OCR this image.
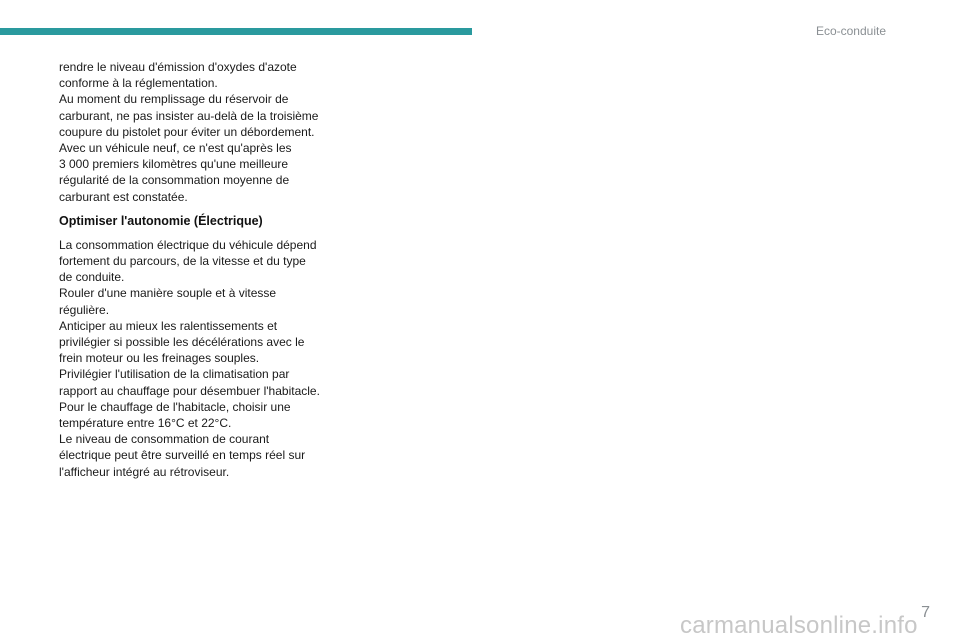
Eco-conduite

rendre le niveau d'émission d'oxydes d'azote

conforme à la réglementation.

Au moment du remplissage du réservoir de

carburant, ne pas insister au-delà de la troisième

coupure du pistolet pour éviter un débordement.

Avec un véhicule neuf, ce n'est qu'après les

3 000 premiers kilomètres qu'une meilleure

régularité de la consommation moyenne de

carburant est constatée.

Optimiser l'autonomie (Électrique)

La consommation électrique du véhicule dépend

fortement du parcours, de la vitesse et du type

de conduite.

Rouler d'une manière souple et à vitesse

régulière.

Anticiper au mieux les ralentissements et

privilégier si possible les décélérations avec le

frein moteur ou les freinages souples.

Privilégier l'utilisation de la climatisation par

rapport au chauffage pour désembuer l'habitacle.

Pour le chauffage de l'habitacle, choisir une

température entre 16°C et 22°C.

Le niveau de consommation de courant

électrique peut être surveillé en temps réel sur

l'afficheur intégré au rétroviseur.

7
carmanualsonline.info
